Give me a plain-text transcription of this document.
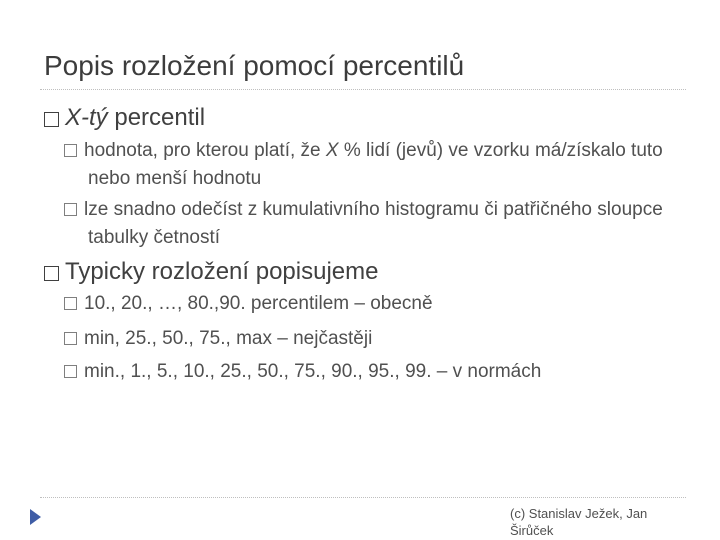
Popis rozložení pomocí percentilů
X-tý percentil
hodnota, pro kterou platí, že X % lidí (jevů) ve vzorku má/získalo tuto nebo menší hodnotu
lze snadno odečíst z kumulativního histogramu či patřičného sloupce tabulky četností
Typicky rozložení popisujeme
10., 20., …, 80.,90. percentilem – obecně
min, 25., 50., 75., max – nejčastěji
min., 1., 5., 10., 25., 50., 75., 90., 95., 99. – v normách
(c) Stanislav Ježek, Jan Širůček
